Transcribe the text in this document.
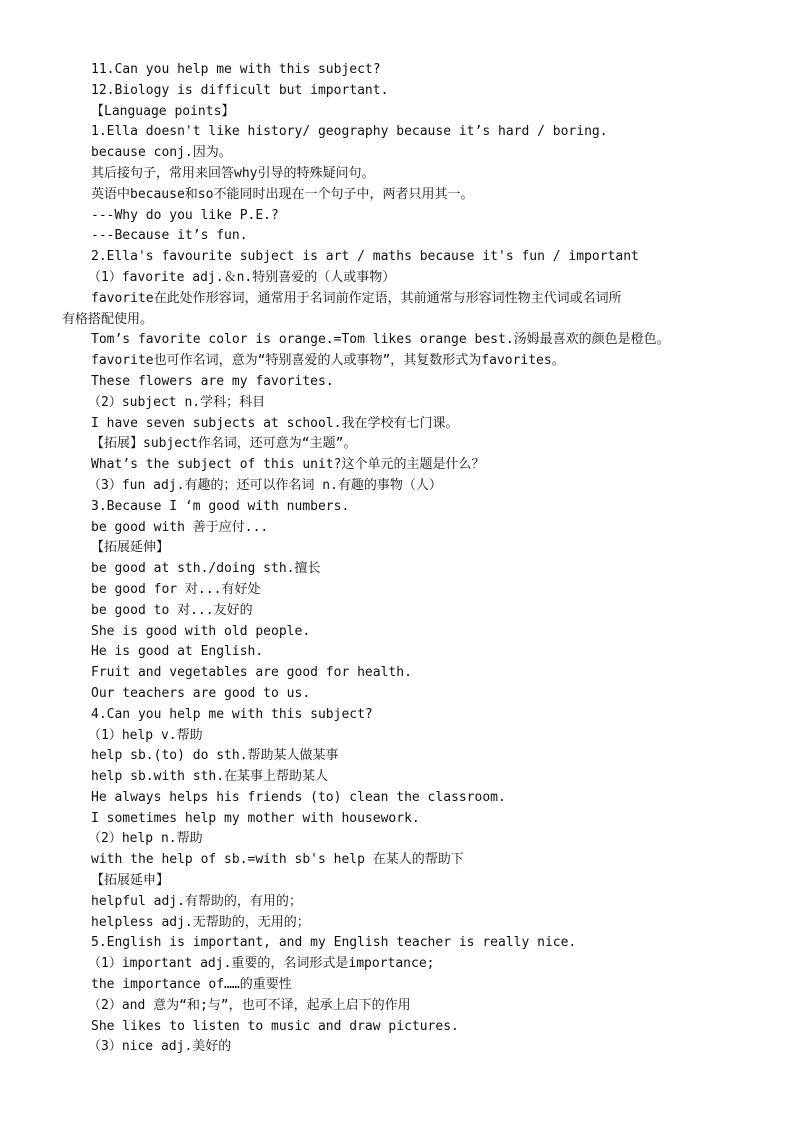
11.Can you help me with this subject?
12.Biology is difficult but important.
【Language points】
1.Ella doesn't like history/ geography because it’s hard / boring.
because conj.因为。
其后接句子，常用来回答why引导的特殊疑问句。
英语中because和so不能同时出现在一个句子中，两者只用其一。
---Why do you like P.E.?
---Because it’s fun.
2.Ella's favourite subject is art / maths because it's fun / important
（1）favorite adj.＆n.特别喜爱的（人或事物）
favorite在此处作形容词，通常用于名词前作定语，其前通常与形容词性物主代词或名词所
有格搭配使用。
Tom’s favorite color is orange.=Tom likes orange best.汤姆最喜欢的颜色是橙色。
favorite也可作名词，意为“特别喜爱的人或事物”，其复数形式为favorites。
These flowers are my favorites.
（2）subject n.学科；科目
I have seven subjects at school.我在学校有七门课。
【拓展】subject作名词，还可意为“主题”。
What’s the subject of this unit?这个单元的主题是什么？
（3）fun adj.有趣的；还可以作名词 n.有趣的事物（人）
3.Because I ‘m good with numbers.
be good with 善于应付...
【拓展延伸】
be good at sth./doing sth.擅长
be good for 对...有好处
be good to 对...友好的
She is good with old people.
He is good at English.
Fruit and vegetables are good for health.
Our teachers are good to us.
4.Can you help me with this subject?
（1）help v.帮助
help sb.(to) do sth.帮助某人做某事
help sb.with sth.在某事上帮助某人
He always helps his friends (to) clean the classroom.
I sometimes help my mother with housework.
（2）help n.帮助
with the help of sb.=with sb's help 在某人的帮助下
【拓展延申】
helpful adj.有帮助的，有用的；
helpless adj.无帮助的，无用的；
5.English is important, and my English teacher is really nice.
（1）important adj.重要的，名词形式是importance;
the importance of……的重要性
（2）and 意为“和;与”，也可不译，起承上启下的作用
She likes to listen to music and draw pictures.
（3）nice adj.美好的
